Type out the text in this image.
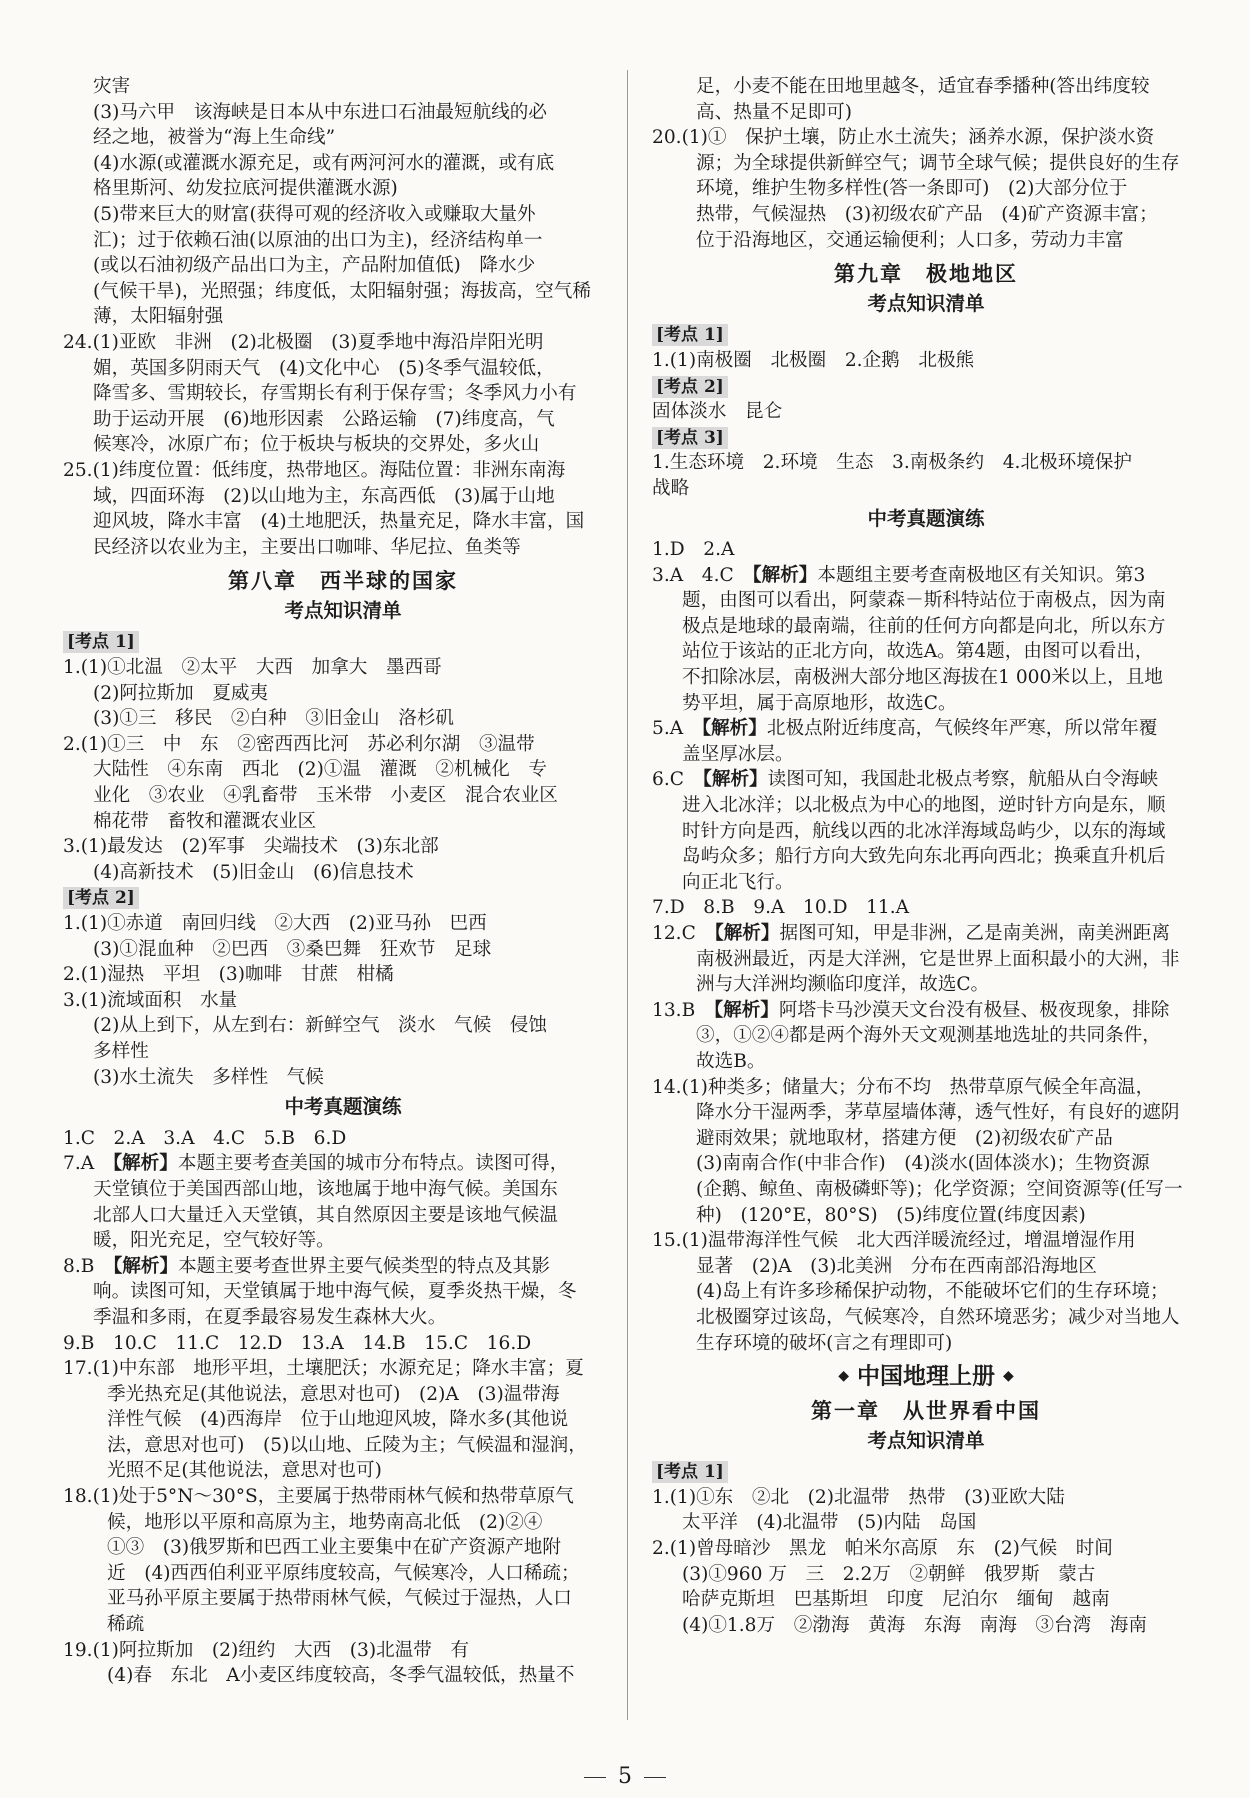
灾害
(3)马六甲　该海峡是日本从中东进口石油最短航线的必
经之地，被誉为“海上生命线”
(4)水源(或灌溉水源充足，或有两河河水的灌溉，或有底
格里斯河、幼发拉底河提供灌溉水源)
(5)带来巨大的财富(获得可观的经济收入或赚取大量外
汇)；过于依赖石油(以原油的出口为主)，经济结构单一
(或以石油初级产品出口为主，产品附加值低)　降水少
(气候干旱)，光照强；纬度低，太阳辐射强；海拔高，空气稀
薄，太阳辐射强
24.(1)亚欧　非洲　(2)北极圈　(3)夏季地中海沿岸阳光明
媚，英国多阴雨天气　(4)文化中心　(5)冬季气温较低，
降雪多、雪期较长，存雪期长有利于保存雪；冬季风力小有
助于运动开展　(6)地形因素　公路运输　(7)纬度高，气
候寒冷，冰原广布；位于板块与板块的交界处，多火山
25.(1)纬度位置：低纬度，热带地区。海陆位置：非洲东南海
域，四面环海　(2)以山地为主，东高西低　(3)属于山地
迎风坡，降水丰富　(4)土地肥沃，热量充足，降水丰富，国
民经济以农业为主，主要出口咖啡、华尼拉、鱼类等
第八章　西半球的国家
考点知识清单
[考点 1]
1.(1)①北温　②太平　大西　加拿大　墨西哥
(2)阿拉斯加　夏威夷
(3)①三　移民　②白种　③旧金山　洛杉矶
2.(1)①三　中　东　②密西西比河　苏必利尔湖　③温带
大陆性　④东南　西北　(2)①温　灌溉　②机械化　专
业化　③农业　④乳畜带　玉米带　小麦区　混合农业区
棉花带　畜牧和灌溉农业区
3.(1)最发达　(2)军事　尖端技术　(3)东北部
(4)高新技术　(5)旧金山　(6)信息技术
[考点 2]
1.(1)①赤道　南回归线　②大西　(2)亚马孙　巴西
(3)①混血种　②巴西　③桑巴舞　狂欢节　足球
2.(1)湿热　平坦　(3)咖啡　甘蔗　柑橘
3.(1)流域面积　水量
(2)从上到下，从左到右：新鲜空气　淡水　气候　侵蚀
多样性
(3)水土流失　多样性　气候
中考真题演练
1.C　2.A　3.A　4.C　5.B　6.D
7.A　【解析】本题主要考查美国的城市分布特点。读图可得，
天堂镇位于美国西部山地，该地属于地中海气候。美国东
北部人口大量迁入天堂镇，其自然原因主要是该地气候温
暖，阳光充足，空气较好等。
8.B　【解析】本题主要考查世界主要气候类型的特点及其影
响。读图可知，天堂镇属于地中海气候，夏季炎热干燥，冬
季温和多雨，在夏季最容易发生森林大火。
9.B　10.C　11.C　12.D　13.A　14.B　15.C　16.D
17.(1)中东部　地形平坦，土壤肥沃；水源充足；降水丰富；夏
季光热充足(其他说法，意思对也可)　(2)A　(3)温带海
洋性气候　(4)西海岸　位于山地迎风坡，降水多(其他说
法，意思对也可)　(5)以山地、丘陵为主；气候温和湿润，
光照不足(其他说法，意思对也可)
18.(1)处于5°N～30°S，主要属于热带雨林气候和热带草原气
候，地形以平原和高原为主，地势南高北低　(2)②④
①③　(3)俄罗斯和巴西工业主要集中在矿产资源产地附
近　(4)西西伯利亚平原纬度较高，气候寒冷，人口稀疏；
亚马孙平原主要属于热带雨林气候，气候过于湿热，人口
稀疏
19.(1)阿拉斯加　(2)纽约　大西　(3)北温带　有
(4)春　东北　A小麦区纬度较高，冬季气温较低，热量不
足，小麦不能在田地里越冬，适宜春季播种(答出纬度较
高、热量不足即可)
20.(1)①　保护土壤，防止水土流失；涵养水源，保护淡水资
源；为全球提供新鲜空气；调节全球气候；提供良好的生存
环境，维护生物多样性(答一条即可)　(2)大部分位于
热带，气候湿热　(3)初级农矿产品　(4)矿产资源丰富；
位于沿海地区，交通运输便利；人口多，劳动力丰富
第九章　极地地区
考点知识清单
[考点 1]
1.(1)南极圈　北极圈　2.企鹅　北极熊
[考点 2]
固体淡水　昆仑
[考点 3]
1.生态环境　2.环境　生态　3.南极条约　4.北极环境保护
战略
中考真题演练
1.D　2.A
3.A　4.C　【解析】本题组主要考查南极地区有关知识。第3
题，由图可以看出，阿蒙森－斯科特站位于南极点，因为南
极点是地球的最南端，往前的任何方向都是向北，所以东方
站位于该站的正北方向，故选A。第4题，由图可以看出，
不扣除冰层，南极洲大部分地区海拔在1 000米以上，且地
势平坦，属于高原地形，故选C。
5.A　【解析】北极点附近纬度高，气候终年严寒，所以常年覆
盖坚厚冰层。
6.C　【解析】读图可知，我国赴北极点考察，航船从白令海峡
进入北冰洋；以北极点为中心的地图，逆时针方向是东，顺
时针方向是西，航线以西的北冰洋海域岛屿少，以东的海域
岛屿众多；船行方向大致先向东北再向西北；换乘直升机后
向正北飞行。
7.D　8.B　9.A　10.D　11.A
12.C　【解析】据图可知，甲是非洲，乙是南美洲，南美洲距离
南极洲最近，丙是大洋洲，它是世界上面积最小的大洲，非
洲与大洋洲均濒临印度洋，故选C。
13.B　【解析】阿塔卡马沙漠天文台没有极昼、极夜现象，排除
③，①②④都是两个海外天文观测基地选址的共同条件，
故选B。
14.(1)种类多；储量大；分布不均　热带草原气候全年高温，
降水分干湿两季，茅草屋墙体薄，透气性好，有良好的遮阴
避雨效果；就地取材，搭建方便　(2)初级农矿产品
(3)南南合作(中非合作)　(4)淡水(固体淡水)；生物资源
(企鹅、鲸鱼、南极磷虾等)；化学资源；空间资源等(任写一
种)　(120°E，80°S)　(5)纬度位置(纬度因素)
15.(1)温带海洋性气候　北大西洋暖流经过，增温增湿作用
显著　(2)A　(3)北美洲　分布在西南部沿海地区
(4)岛上有许多珍稀保护动物，不能破坏它们的生存环境；
北极圈穿过该岛，气候寒冷，自然环境恶劣；减少对当地人
生存环境的破坏(言之有理即可)
◆ 中国地理上册 ◆
第一章　从世界看中国
考点知识清单
[考点 1]
1.(1)①东　②北　(2)北温带　热带　(3)亚欧大陆
太平洋　(4)北温带　(5)内陆　岛国
2.(1)曾母暗沙　黑龙　帕米尔高原　东　(2)气候　时间
(3)①960 万　三　2.2万　②朝鲜　俄罗斯　蒙古
哈萨克斯坦　巴基斯坦　印度　尼泊尔　缅甸　越南
(4)①1.8万　②渤海　黄海　东海　南海　③台湾　海南
5
